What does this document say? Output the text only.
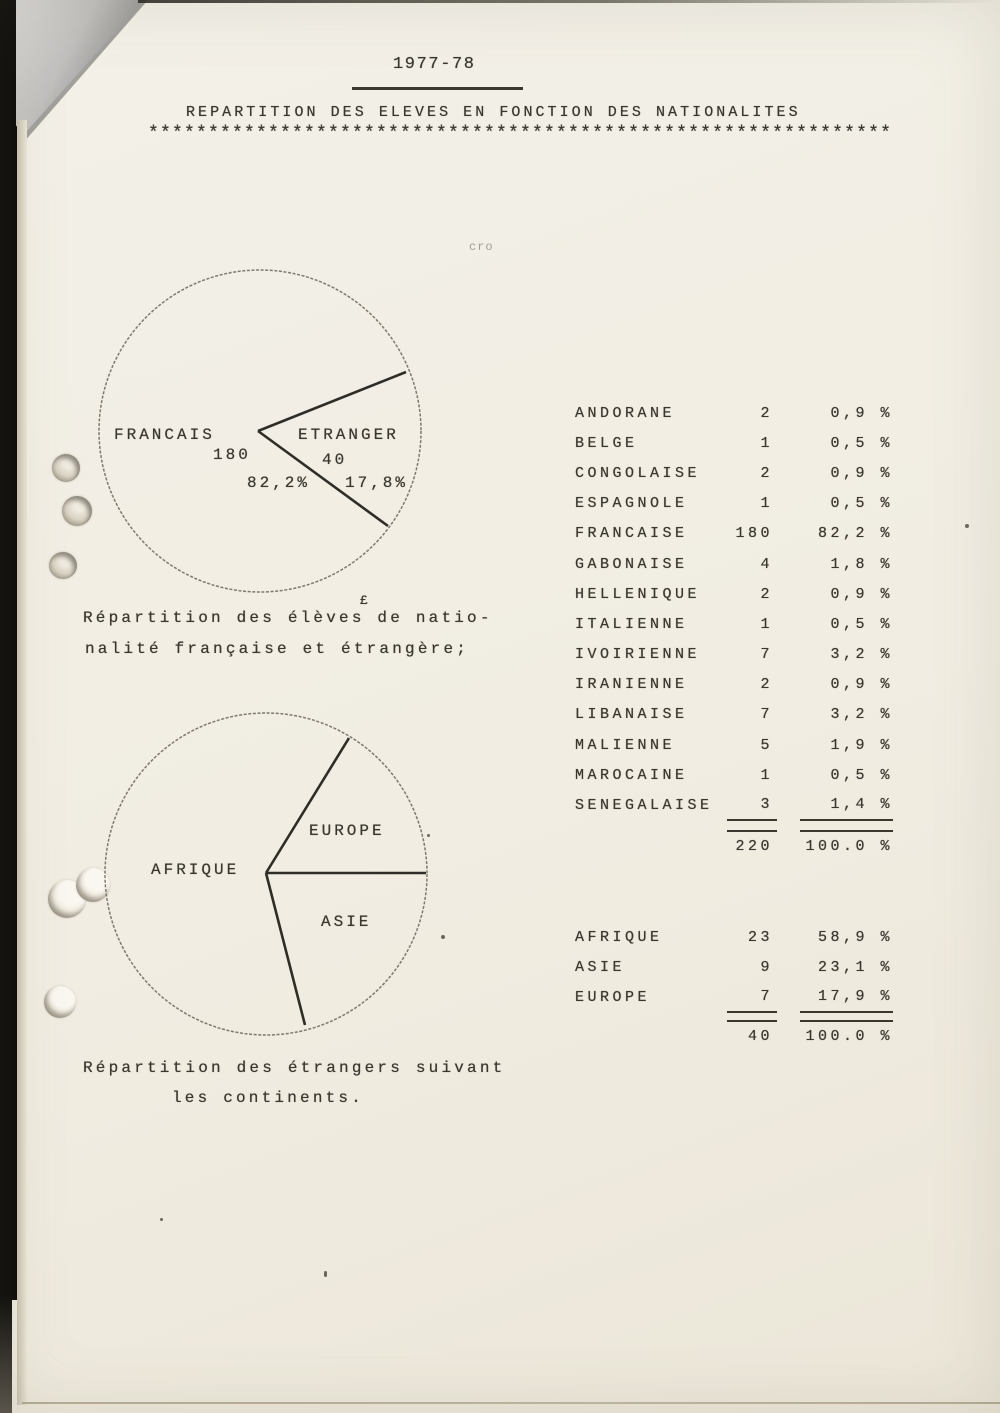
1977-78
REPARTITION DES ELEVES EN FONCTION DES NATIONALITES
**************************************************************
cro
FRANCAIS
180
ETRANGER
40
82,2% 17,8%
£
Répartition des élèves de natio-
nalité française et étrangère;
AFRIQUE
EUROPE
ASIE
Répartition des étrangers suivant
les continents.
ANDORANE	2	0,9 %
BELGE	1	0,5 %
CONGOLAISE	2	0,9 %
ESPAGNOLE	1	0,5 %
FRANCAISE	180	82,2 %
GABONAISE	4	1,8 %
HELLENIQUE	2	0,9 %
ITALIENNE	1	0,5 %
IVOIRIENNE	7	3,2 %
IRANIENNE	2	0,9 %
LIBANAISE	7	3,2 %
MALIENNE	5	1,9 %
MAROCAINE	1	0,5 %
SENEGALAISE	3	1,4 %
220	100.0 %
AFRIQUE	23	58,9 %
ASIE	9	23,1 %
EUROPE	7	17,9 %
40	100.0 %
